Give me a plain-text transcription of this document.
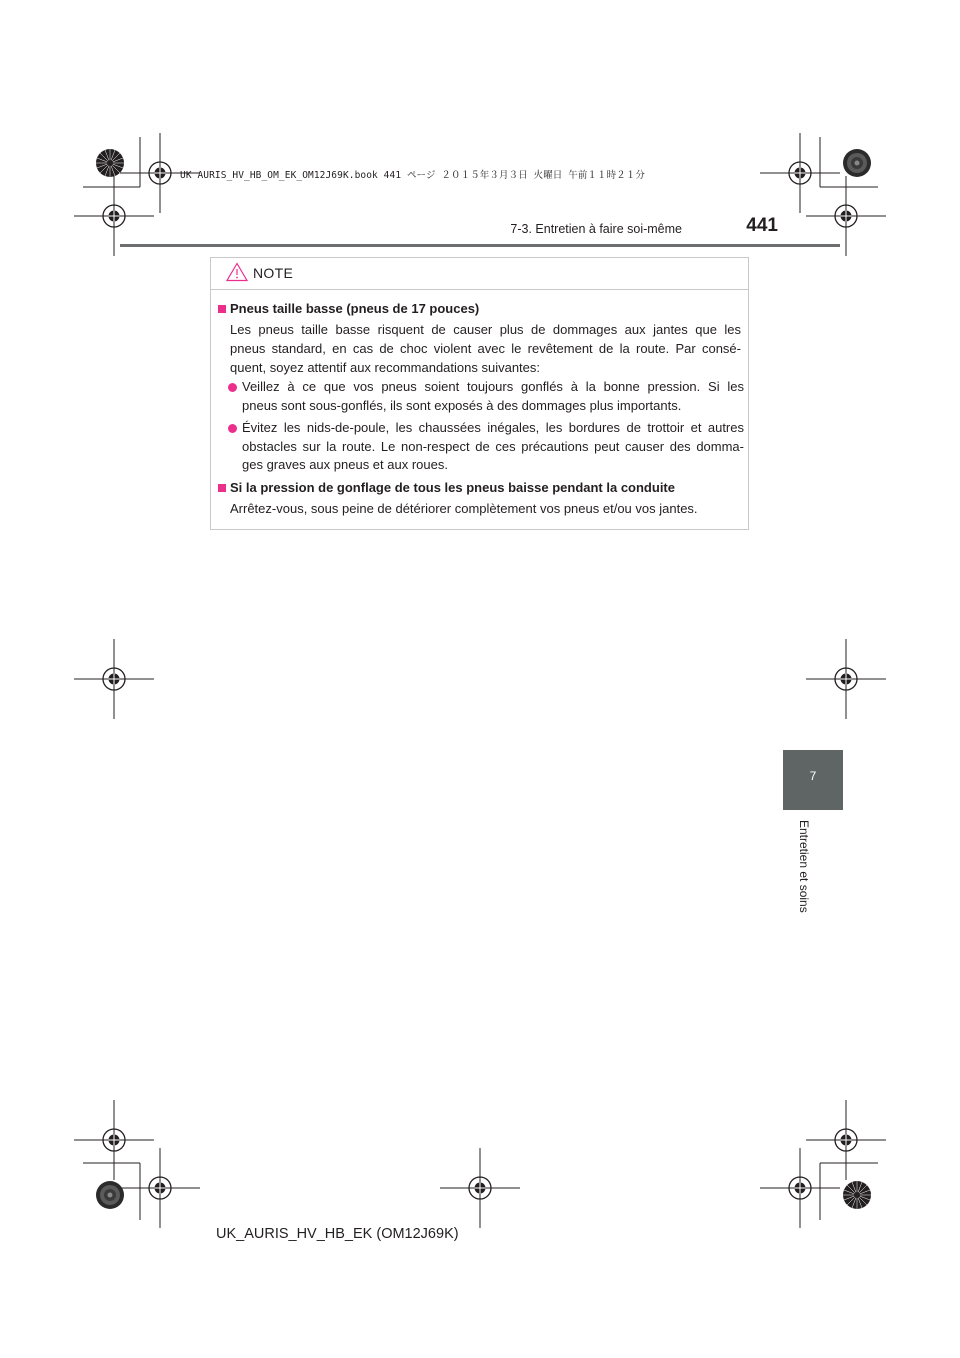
UK AURIS_HV_HB_OM_EK_OM12J69K.book 441 ページ ２０１５年３月３日 火曜日 午前１１時２１分
7-3. Entretien à faire soi-même	441
7
Entretien et soins
NOTE
Pneus taille basse (pneus de 17 pouces)
Les pneus taille basse risquent de causer plus de dommages aux jantes que les
pneus standard, en cas de choc violent avec le revêtement de la route. Par consé-
quent, soyez attentif aux recommandations suivantes:
Veillez à ce que vos pneus soient toujours gonflés à la bonne pression. Si les
pneus sont sous-gonflés, ils sont exposés à des dommages plus importants.
Évitez les nids-de-poule, les chaussées inégales, les bordures de trottoir et autres
obstacles sur la route. Le non-respect de ces précautions peut causer des domma-
ges graves aux pneus et aux roues.
Si la pression de gonflage de tous les pneus baisse pendant la conduite
Arrêtez-vous, sous peine de détériorer complètement vos pneus et/ou vos jantes.
UK_AURIS_HV_HB_EK (OM12J69K)
